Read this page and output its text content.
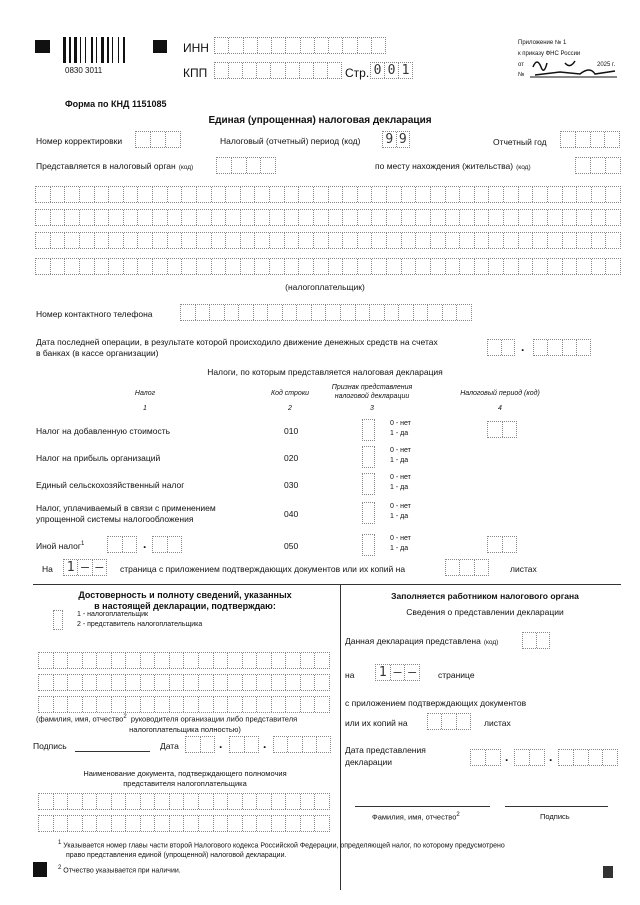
0830 3011
ИНН
КПП	Стр. 0 0 1
Приложение № 1
к приказу ФНС России
от	2025 г.
№
Форма по КНД 1151085
Единая (упрощенная) налоговая декларация
Номер корректировки	Налоговый (отчетный) период (код) 9 9	Отчетный год
Представляется в налоговый орган (код)	по месту нахождения (жительства) (код)
(налогоплательщик)
Номер контактного телефона
Дата последней операции, в результате которой происходило движение денежных средств на счетах
в банках (в кассе организации)	.
Налоги, по которым представляется налоговая декларация
Налог	Код строки
Признак представления налоговой декларации	Налоговый период (код)
1	2	3	4
Налог на добавленную стоимость	010
0 - нет
1 - да
Налог на прибыль организаций	020
0 - нет
1 - да
Единый сельскохозяйственный налог	030
0 - нет
1 - да
Налог, уплачиваемый в связи с применением упрощенной системы налогообложения	040
0 - нет
1 - да
Иной налог$^1$	.	050
0 - нет
1 - да
На 1 – –	страница с приложением подтверждающих документов или их копий на	листах
Достоверность и полноту сведений, указанных
в настоящей декларации, подтверждаю:
1 - налогоплательщик
2 - представитель налогоплательщика
(фамилия, имя, отчество$^2$ руководителя организации либо представителя
налогоплательщика полностью)
Подпись	Дата	.	.
Наименование документа, подтверждающего полномочия
представителя налогоплательщика
Заполняется работником налогового органа
Сведения о представлении декларации
Данная декларация представлена (код)
на 1 – –	странице
с приложением подтверждающих документов
или их копий на	листах
Дата представления
декларации	.	.
Фамилия, имя, отчество$^2$	Подпись
$^1$ Указывается номер главы части второй Налогового кодекса Российской Федерации, определяющей налог, по которому предусмотрено
право представления единой (упрощенной) налоговой декларации.
$^2$ Отчество указывается при наличии.
